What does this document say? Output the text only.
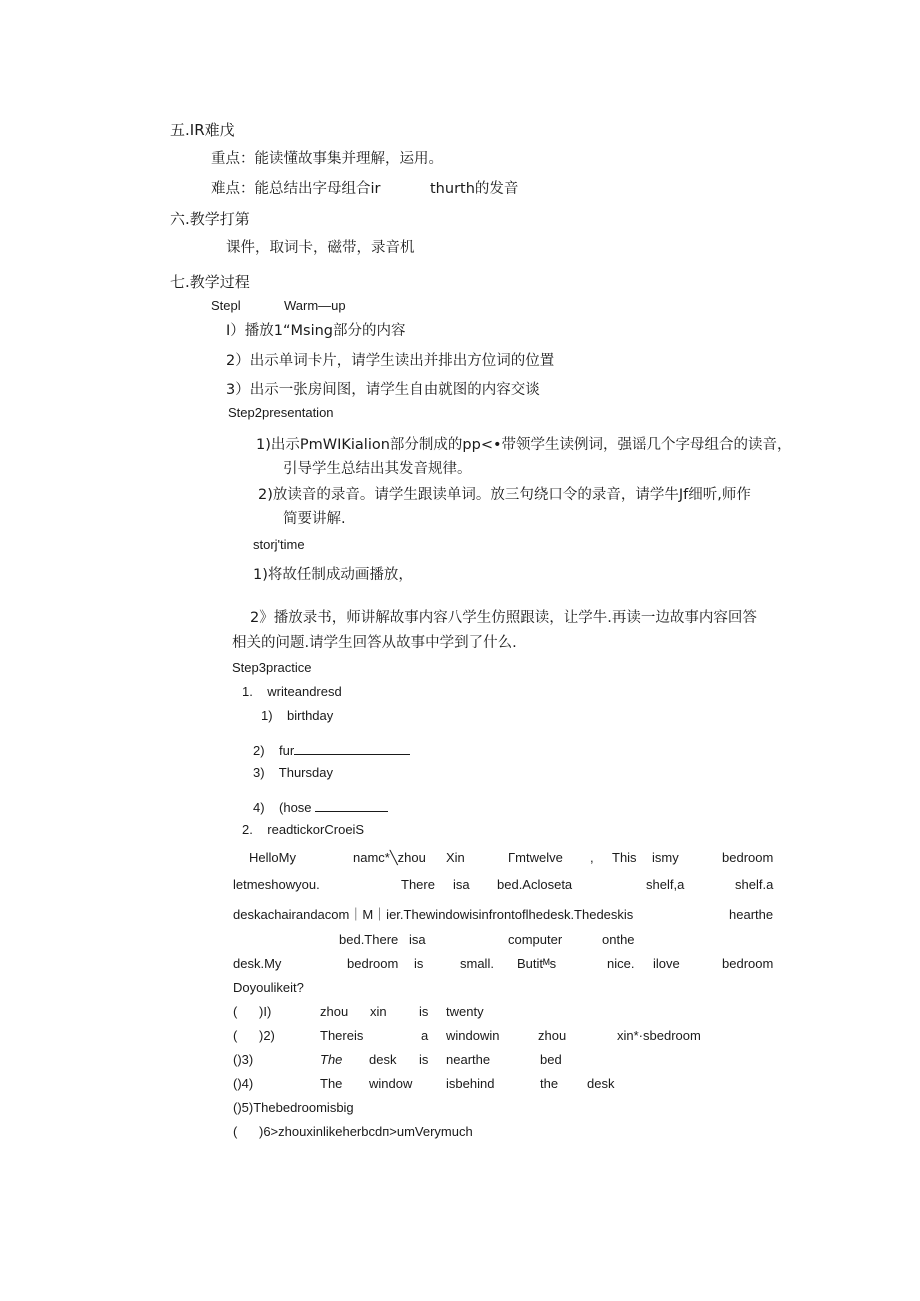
五.IR难戊
重点：能读懂故事集并理解，运用。
难点：能总结出字母组合ir	thurth的发音
六.教学打第
课件，取词卡，磁带，录音机
七.教学过程
Stepl	Warm—up
I）播放1“Msing部分的内容
2）出示单词卡片，请学生读出并排出方位词的位置
3）出示一张房间图，请学生自由就图的内容交谈
Step2presentation
1)出示PmWIKialion部分制成的pp<•带领学生读例词，强谣几个字母组合的读音，
引导学生总结出其发音规律。
2)放读音的录音。请学生跟读单词。放三句绕口令的录音，请学牛Jf细听,师作
简要讲解.
storj'time
1)将故任制成动画播放，
2》播放录书，师讲解故事内容八学生仿照跟读，让学牛.再读一边故事内容回答
相关的问题.请学生回答从故事中学到了什么.
Step3practice
1.    writeandresd
1)    birthday
2)    fur
3)    Thursday
4)    (hose
2.    readtickorCroeiS
HelloMy	namc*╲zhou Xin	Γmtwelve , This ismy	bedroom
letmeshowyou.	There isa bed.Acloseta	shelf,a	shelf.a
deskachairandacom｜M｜ier.Thewindowisinfrontoflhedesk.Thedeskis	hearthe
bed.There isa	computer	onthe
desk.My	bedroom is	small. Butitᴹs	nice. ilove	bedroom
Doyoulikeit?
( )I)	zhou xin is twenty
( )2)	Thereis	a windowin	zhou	xin*·sbedroom
()3)	The desk is nearthe	bed
()4)	The window	isbehind	the desk
()5)Thebedroomisbig
( )6>zhouxinlikeherbcdп>umVerymuch
